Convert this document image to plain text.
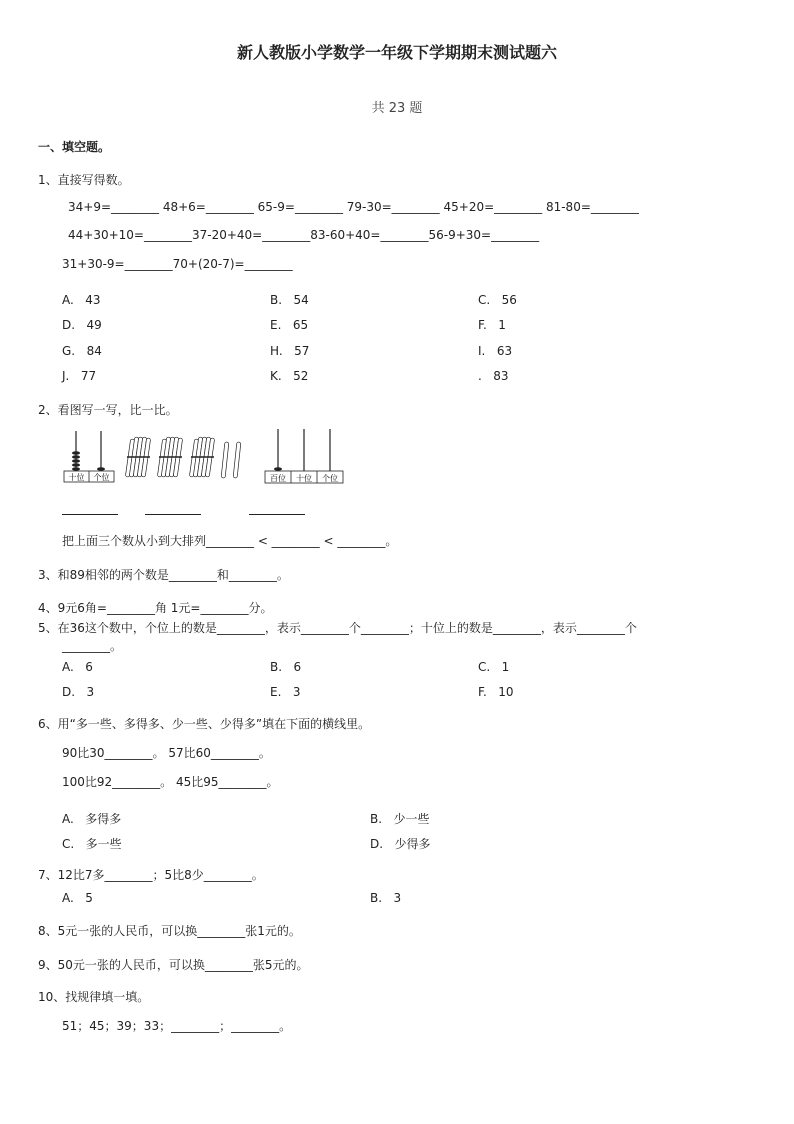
新人教版小学数学一年级下学期期末测试题六
共 23 题
一、填空题。
1、直接写得数。
34+9=________ 48+6=________ 65-9=________ 79-30=________ 45+20=________ 81-80=________
44+30+10=________37-20+40=________83-60+40=________56-9+30=________
31+30-9=________70+(20-7)=________
A. 43	B. 54	C. 56
D. 49	E. 65	F. 1
G. 84	H. 57	I. 63
J. 77	K. 52	. 83
2、看图写一写，比一比。
十位 个位	百位 十位 个位
把上面三个数从小到大排列________ < ________ < ________。
3、和89相邻的两个数是________和________。
4、9元6角=________角 1元=________分。
5、在36这个数中，个位上的数是________，表示________个________；十位上的数是________，表示________个
________。
A. 6	B. 6	C. 1
D. 3	E. 3	F. 10
6、用“多一些、多得多、少一些、少得多”填在下面的横线里。
90比30________。 57比60________。
100比92________。 45比95________。
A. 多得多	B. 少一些
C. 多一些	D. 少得多
7、12比7多________；5比8少________。
A. 5	B. 3
8、5元一张的人民币，可以换________张1元的。
9、50元一张的人民币，可以换________张5元的。
10、找规律填一填。
51；45；39；33；________；________。
